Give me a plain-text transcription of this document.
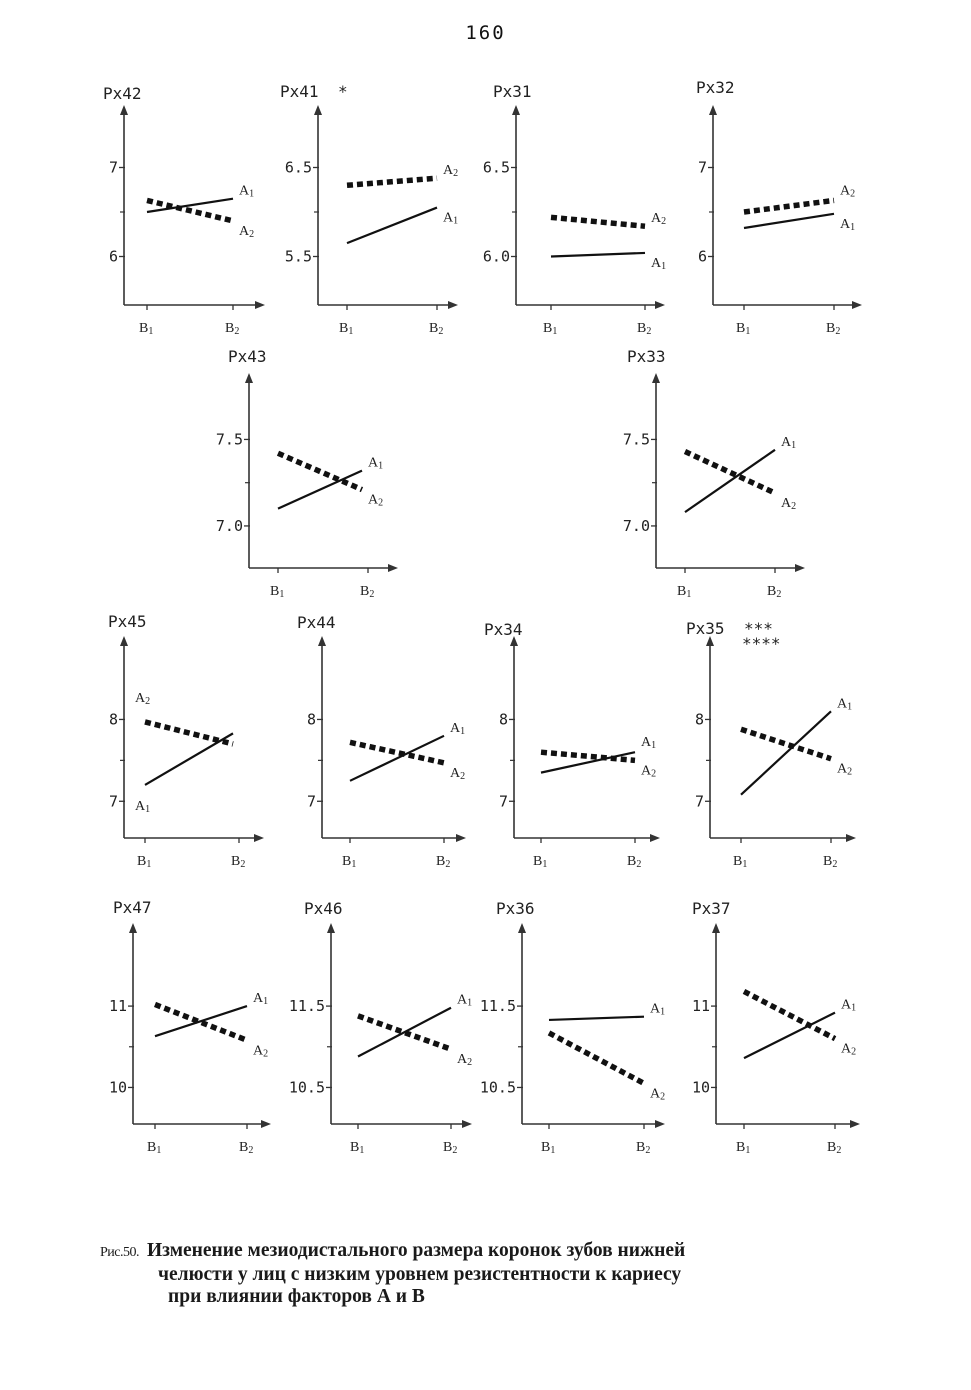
160
Px42
6
7
B1	B2
A1
A2
Px41 *
5.5
6.5
B1	B2
A1
A2
Px31
6.0
6.5
B1	B2
A1
A2
Px32
6
7
B1	B2
A1
A2
Px43
7.0
7.5
B1	B2
A1
A2
Px33
7.0
7.5
B1	B2
A1
A2
Px45
7
8
B1	B2
A1
A2
Px44
7
8
B1	B2
A1
A2
Px34
7
8
B1	B2
A1
A2
Px35 ***
****
7
8
B1	B2
A1
A2
Px47
10
11
B1	B2
A1
A2
Px46
10.5
11.5
B1	B2
A1
A2
Px36
10.5
11.5
B1	B2
A1
A2
Px37
10
11
B1	B2
A1
A2
Рис.50. Изменение мезиодистального размера коронок зубов нижней
челюсти у лиц с низким уровнем резистентности к кариесу
при влиянии факторов А и В
